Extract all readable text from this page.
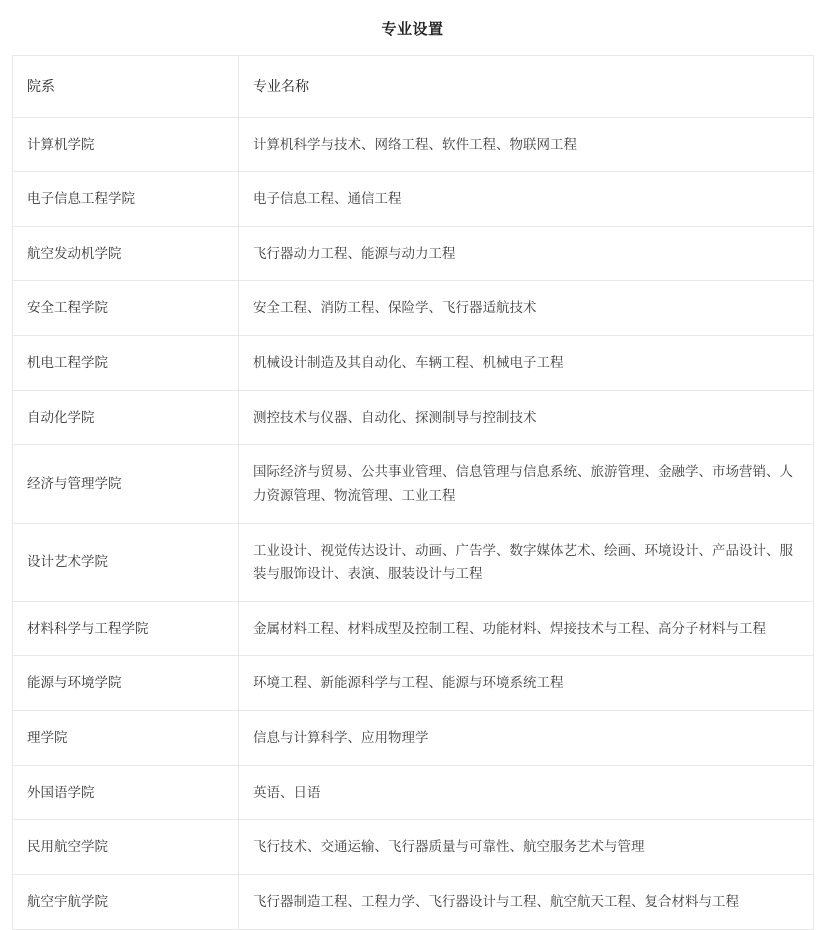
专业设置
院系	专业名称
计算机学院	计算机科学与技术、网络工程、软件工程、物联网工程
电子信息工程学院	电子信息工程、通信工程
航空发动机学院	飞行器动力工程、能源与动力工程
安全工程学院	安全工程、消防工程、保险学、飞行器适航技术
机电工程学院	机械设计制造及其自动化、车辆工程、机械电子工程
自动化学院	测控技术与仪器、自动化、探测制导与控制技术
经济与管理学院	国际经济与贸易、公共事业管理、信息管理与信息系统、旅游管理、金融学、市场营销、人力资源管理、物流管理、工业工程
设计艺术学院	工业设计、视觉传达设计、动画、广告学、数字媒体艺术、绘画、环境设计、产品设计、服装与服饰设计、表演、服装设计与工程
材料科学与工程学院	金属材料工程、材料成型及控制工程、功能材料、焊接技术与工程、高分子材料与工程
能源与环境学院	环境工程、新能源科学与工程、能源与环境系统工程
理学院	信息与计算科学、应用物理学
外国语学院	英语、日语
民用航空学院	飞行技术、交通运输、飞行器质量与可靠性、航空服务艺术与管理
航空宇航学院	飞行器制造工程、工程力学、飞行器设计与工程、航空航天工程、复合材料与工程
